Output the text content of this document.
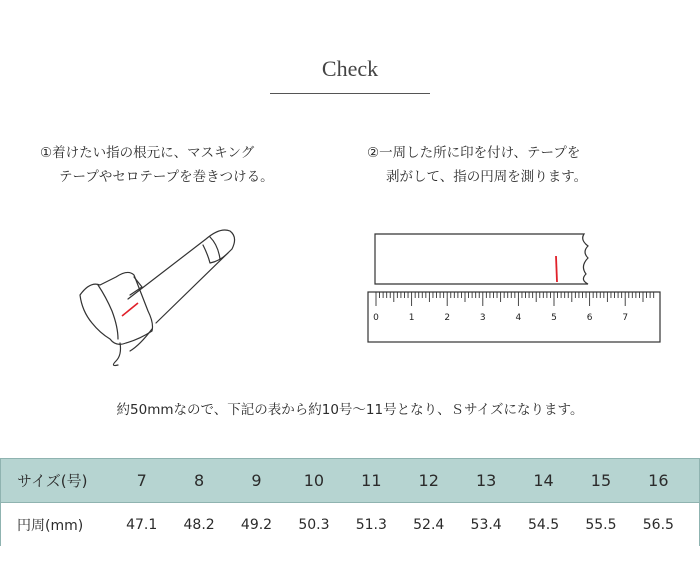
Check
①着けたい指の根元に、マスキング
テープやセロテープを巻きつける。
②一周した所に印を付け、テープを
剥がして、指の円周を測ります。
0	1	2	3	4	5	6	7
約50mmなので、下記の表から約10号～11号となり、Ｓサイズになります。
サイズ(号)	7	8	9	10	11	12	13	14	15	16
円周(mm)	47.1	48.2	49.2	50.3	51.3	52.4	53.4	54.5	55.5	56.5
